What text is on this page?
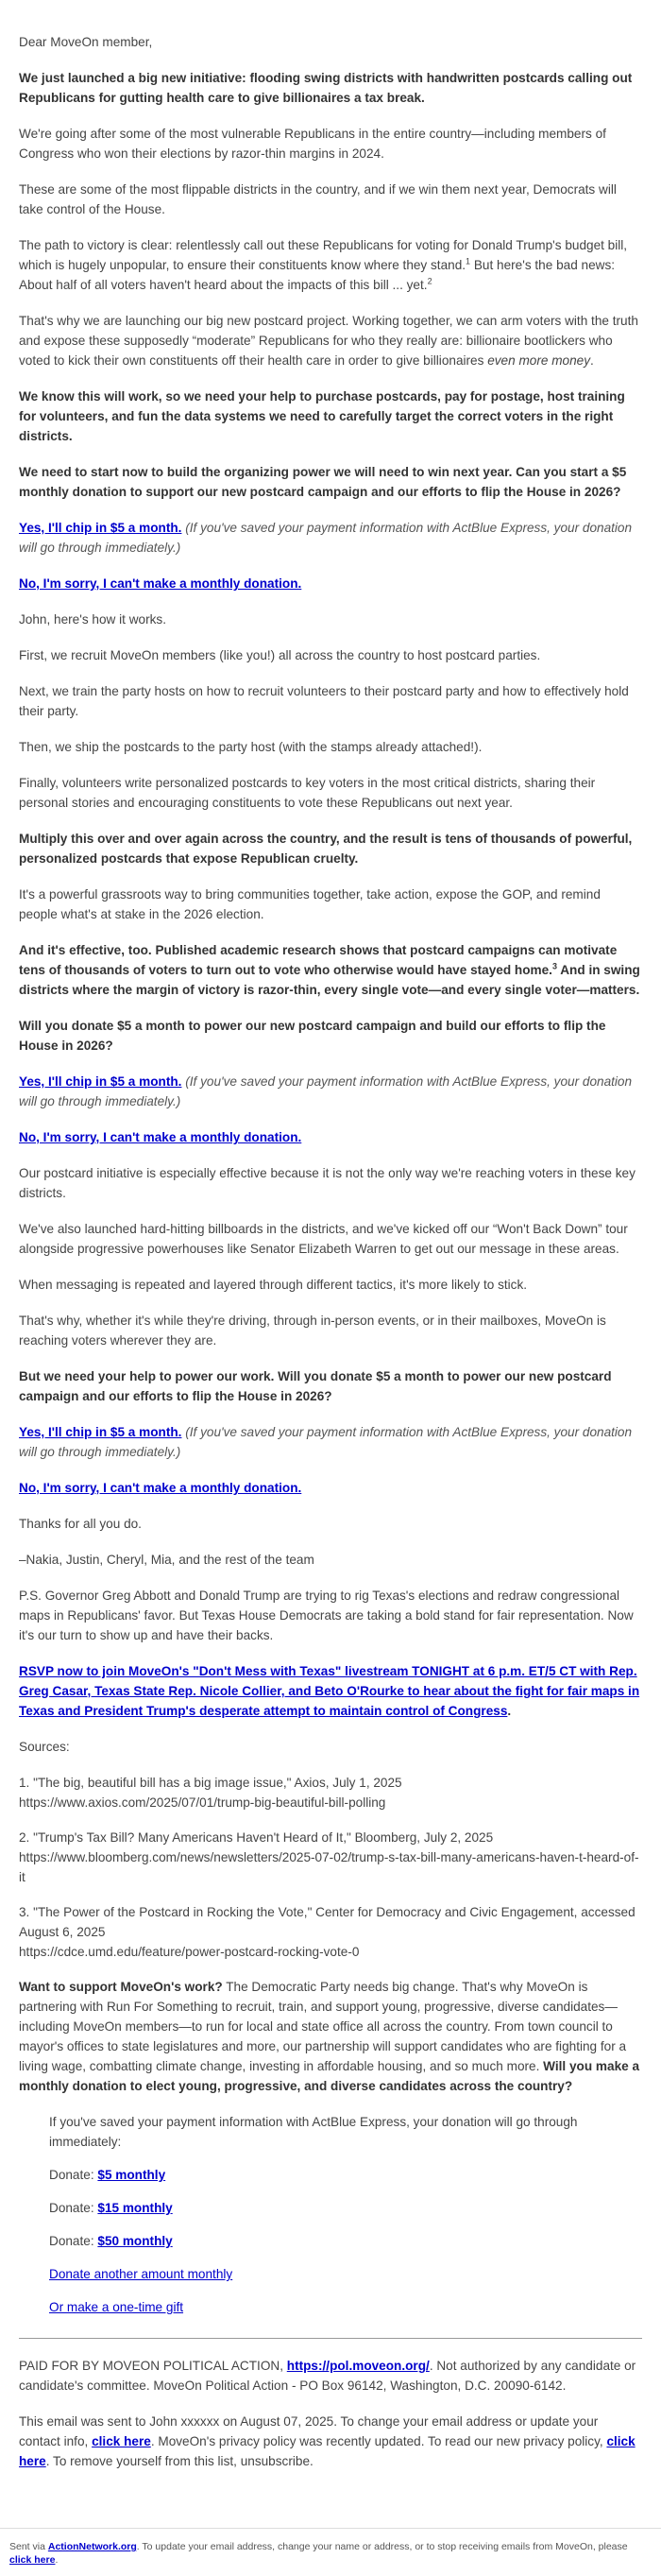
Dear MoveOn member,

We just launched a big new initiative: flooding swing districts with handwritten postcards calling out Republicans for gutting health care to give billionaires a tax break.

We're going after some of the most vulnerable Republicans in the entire country—including members of Congress who won their elections by razor-thin margins in 2024.

These are some of the most flippable districts in the country, and if we win them next year, Democrats will take control of the House.

The path to victory is clear: relentlessly call out these Republicans for voting for Donald Trump's budget bill, which is hugely unpopular, to ensure their constituents know where they stand.$^1$ But here's the bad news: About half of all voters haven't heard about the impacts of this bill ... yet.$^2$

That's why we are launching our big new postcard project. Working together, we can arm voters with the truth and expose these supposedly “moderate” Republicans for who they really are: billionaire bootlickers who voted to kick their own constituents off their health care in order to give billionaires even more money.

We know this will work, so we need your help to purchase postcards, pay for postage, host training for volunteers, and fun the data systems we need to carefully target the correct voters in the right districts.

We need to start now to build the organizing power we will need to win next year. Can you start a $5 monthly donation to support our new postcard campaign and our efforts to flip the House in 2026?

Yes, I'll chip in $5 a month. (If you've saved your payment information with ActBlue Express, your donation will go through immediately.)

No, I'm sorry, I can't make a monthly donation.

John, here's how it works.

First, we recruit MoveOn members (like you!) all across the country to host postcard parties.

Next, we train the party hosts on how to recruit volunteers to their postcard party and how to effectively hold their party.

Then, we ship the postcards to the party host (with the stamps already attached!).

Finally, volunteers write personalized postcards to key voters in the most critical districts, sharing their personal stories and encouraging constituents to vote these Republicans out next year.

Multiply this over and over again across the country, and the result is tens of thousands of powerful, personalized postcards that expose Republican cruelty.

It's a powerful grassroots way to bring communities together, take action, expose the GOP, and remind people what's at stake in the 2026 election.

And it's effective, too. Published academic research shows that postcard campaigns can motivate tens of thousands of voters to turn out to vote who otherwise would have stayed home.$^3$ And in swing districts where the margin of victory is razor-thin, every single vote—and every single voter—matters.

Will you donate $5 a month to power our new postcard campaign and build our efforts to flip the House in 2026?

Yes, I'll chip in $5 a month. (If you've saved your payment information with ActBlue Express, your donation will go through immediately.)

No, I'm sorry, I can't make a monthly donation.

Our postcard initiative is especially effective because it is not the only way we're reaching voters in these key districts.

We've also launched hard-hitting billboards in the districts, and we've kicked off our “Won't Back Down” tour alongside progressive powerhouses like Senator Elizabeth Warren to get out our message in these areas.

When messaging is repeated and layered through different tactics, it's more likely to stick.

That's why, whether it's while they're driving, through in-person events, or in their mailboxes, MoveOn is reaching voters wherever they are.

But we need your help to power our work. Will you donate $5 a month to power our new postcard campaign and our efforts to flip the House in 2026?

Yes, I'll chip in $5 a month. (If you've saved your payment information with ActBlue Express, your donation will go through immediately.)

No, I'm sorry, I can't make a monthly donation.

Thanks for all you do.

–Nakia, Justin, Cheryl, Mia, and the rest of the team

P.S. Governor Greg Abbott and Donald Trump are trying to rig Texas's elections and redraw congressional maps in Republicans' favor. But Texas House Democrats are taking a bold stand for fair representation. Now it's our turn to show up and have their backs.

RSVP now to join MoveOn's "Don't Mess with Texas" livestream TONIGHT at 6 p.m. ET/5 CT with Rep. Greg Casar, Texas State Rep. Nicole Collier, and Beto O'Rourke to hear about the fight for fair maps in Texas and President Trump's desperate attempt to maintain control of Congress.

Sources:

1. "The big, beautiful bill has a big image issue," Axios, July 1, 2025
https://www.axios.com/2025/07/01/trump-big-beautiful-bill-polling

2. "Trump's Tax Bill? Many Americans Haven't Heard of It," Bloomberg, July 2, 2025
https://www.bloomberg.com/news/newsletters/2025-07-02/trump-s-tax-bill-many-americans-haven-t-heard-of-it

3. "The Power of the Postcard in Rocking the Vote," Center for Democracy and Civic Engagement, accessed August 6, 2025
https://cdce.umd.edu/feature/power-postcard-rocking-vote-0

Want to support MoveOn's work? The Democratic Party needs big change. That's why MoveOn is partnering with Run For Something to recruit, train, and support young, progressive, diverse candidates—including MoveOn members—to run for local and state office all across the country. From town council to mayor's offices to state legislatures and more, our partnership will support candidates who are fighting for a living wage, combatting climate change, investing in affordable housing, and so much more. Will you make a monthly donation to elect young, progressive, and diverse candidates across the country?

If you've saved your payment information with ActBlue Express, your donation will go through immediately:

Donate: $5 monthly

Donate: $15 monthly

Donate: $50 monthly

Donate another amount monthly

Or make a one-time gift

PAID FOR BY MOVEON POLITICAL ACTION, https://pol.moveon.org/. Not authorized by any candidate or candidate's committee. MoveOn Political Action - PO Box 96142, Washington, D.C. 20090-6142.

This email was sent to John xxxxxx on August 07, 2025. To change your email address or update your contact info, click here. MoveOn's privacy policy was recently updated. To read our new privacy policy, click here. To remove yourself from this list, unsubscribe.

Sent via ActionNetwork.org. To update your email address, change your name or address, or to stop receiving emails from MoveOn, please click here.
